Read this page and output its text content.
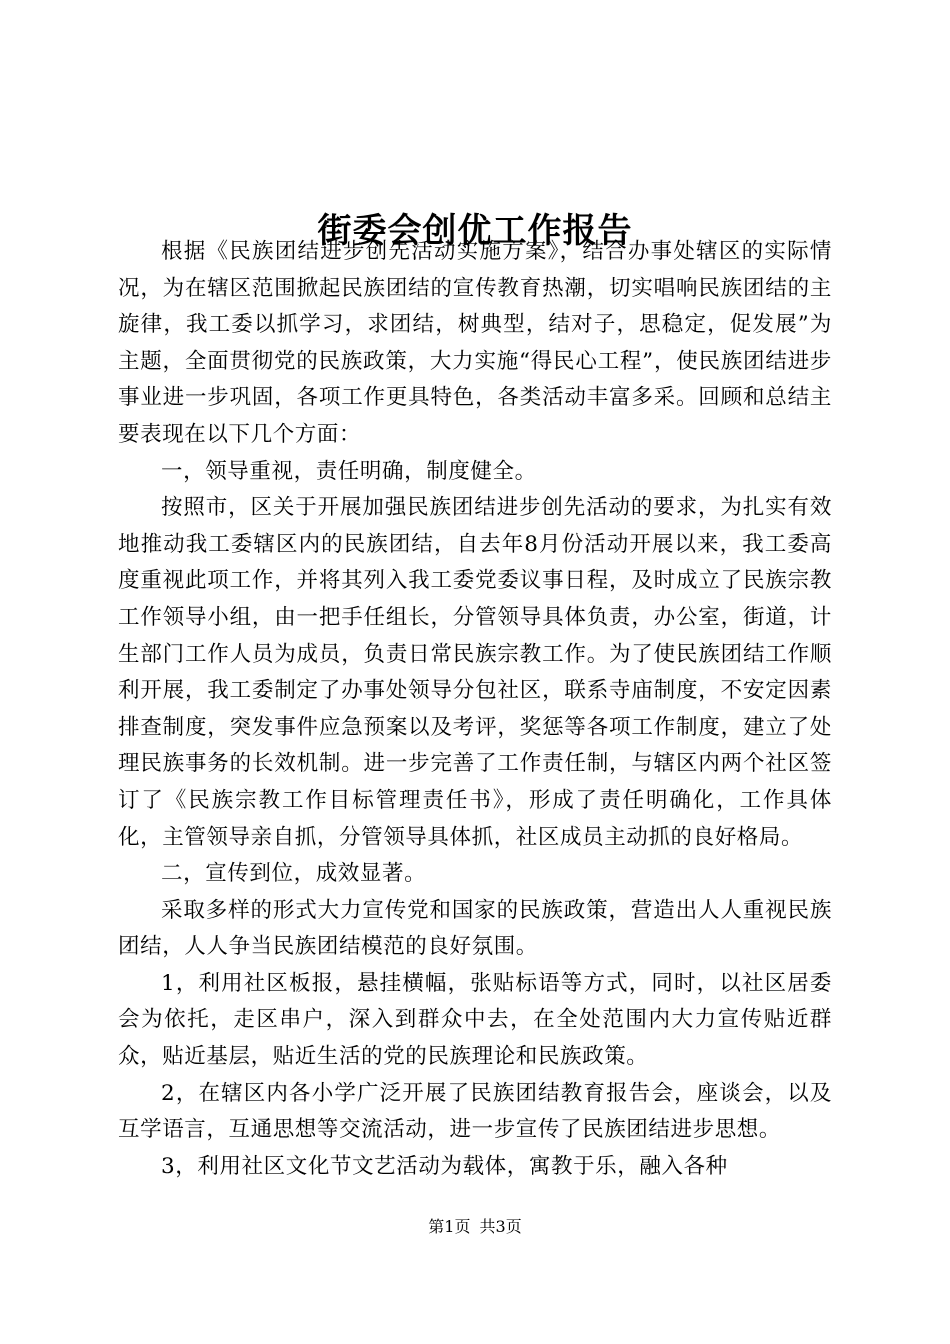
街委会创优工作报告

根据《民族团结进步创先活动实施方案》，结合办事处辖区的实际情况，为在辖区范围掀起民族团结的宣传教育热潮，切实唱响民族团结的主旋律，我工委以抓学习，求团结，树典型，结对子，思稳定，促发展”为主题，全面贯彻党的民族政策，大力实施“得民心工程”，使民族团结进步事业进一步巩固，各项工作更具特色，各类活动丰富多采。回顾和总结主要表现在以下几个方面：

一，领导重视，责任明确，制度健全。

按照市，区关于开展加强民族团结进步创先活动的要求，为扎实有效地推动我工委辖区内的民族团结，自去年8月份活动开展以来，我工委高度重视此项工作，并将其列入我工委党委议事日程，及时成立了民族宗教工作领导小组，由一把手任组长，分管领导具体负责，办公室，街道，计生部门工作人员为成员，负责日常民族宗教工作。为了使民族团结工作顺利开展，我工委制定了办事处领导分包社区，联系寺庙制度，不安定因素排查制度，突发事件应急预案以及考评，奖惩等各项工作制度，建立了处理民族事务的长效机制。进一步完善了工作责任制，与辖区内两个社区签订了《民族宗教工作目标管理责任书》，形成了责任明确化，工作具体化，主管领导亲自抓，分管领导具体抓，社区成员主动抓的良好格局。

二，宣传到位，成效显著。

采取多样的形式大力宣传党和国家的民族政策，营造出人人重视民族团结，人人争当民族团结模范的良好氛围。

1，利用社区板报，悬挂横幅，张贴标语等方式，同时，以社区居委会为依托，走区串户，深入到群众中去，在全处范围内大力宣传贴近群众，贴近基层，贴近生活的党的民族理论和民族政策。

2，在辖区内各小学广泛开展了民族团结教育报告会，座谈会，以及互学语言，互通思想等交流活动，进一步宣传了民族团结进步思想。

3，利用社区文化节文艺活动为载体，寓教于乐，融入各种

第1页 共3页
